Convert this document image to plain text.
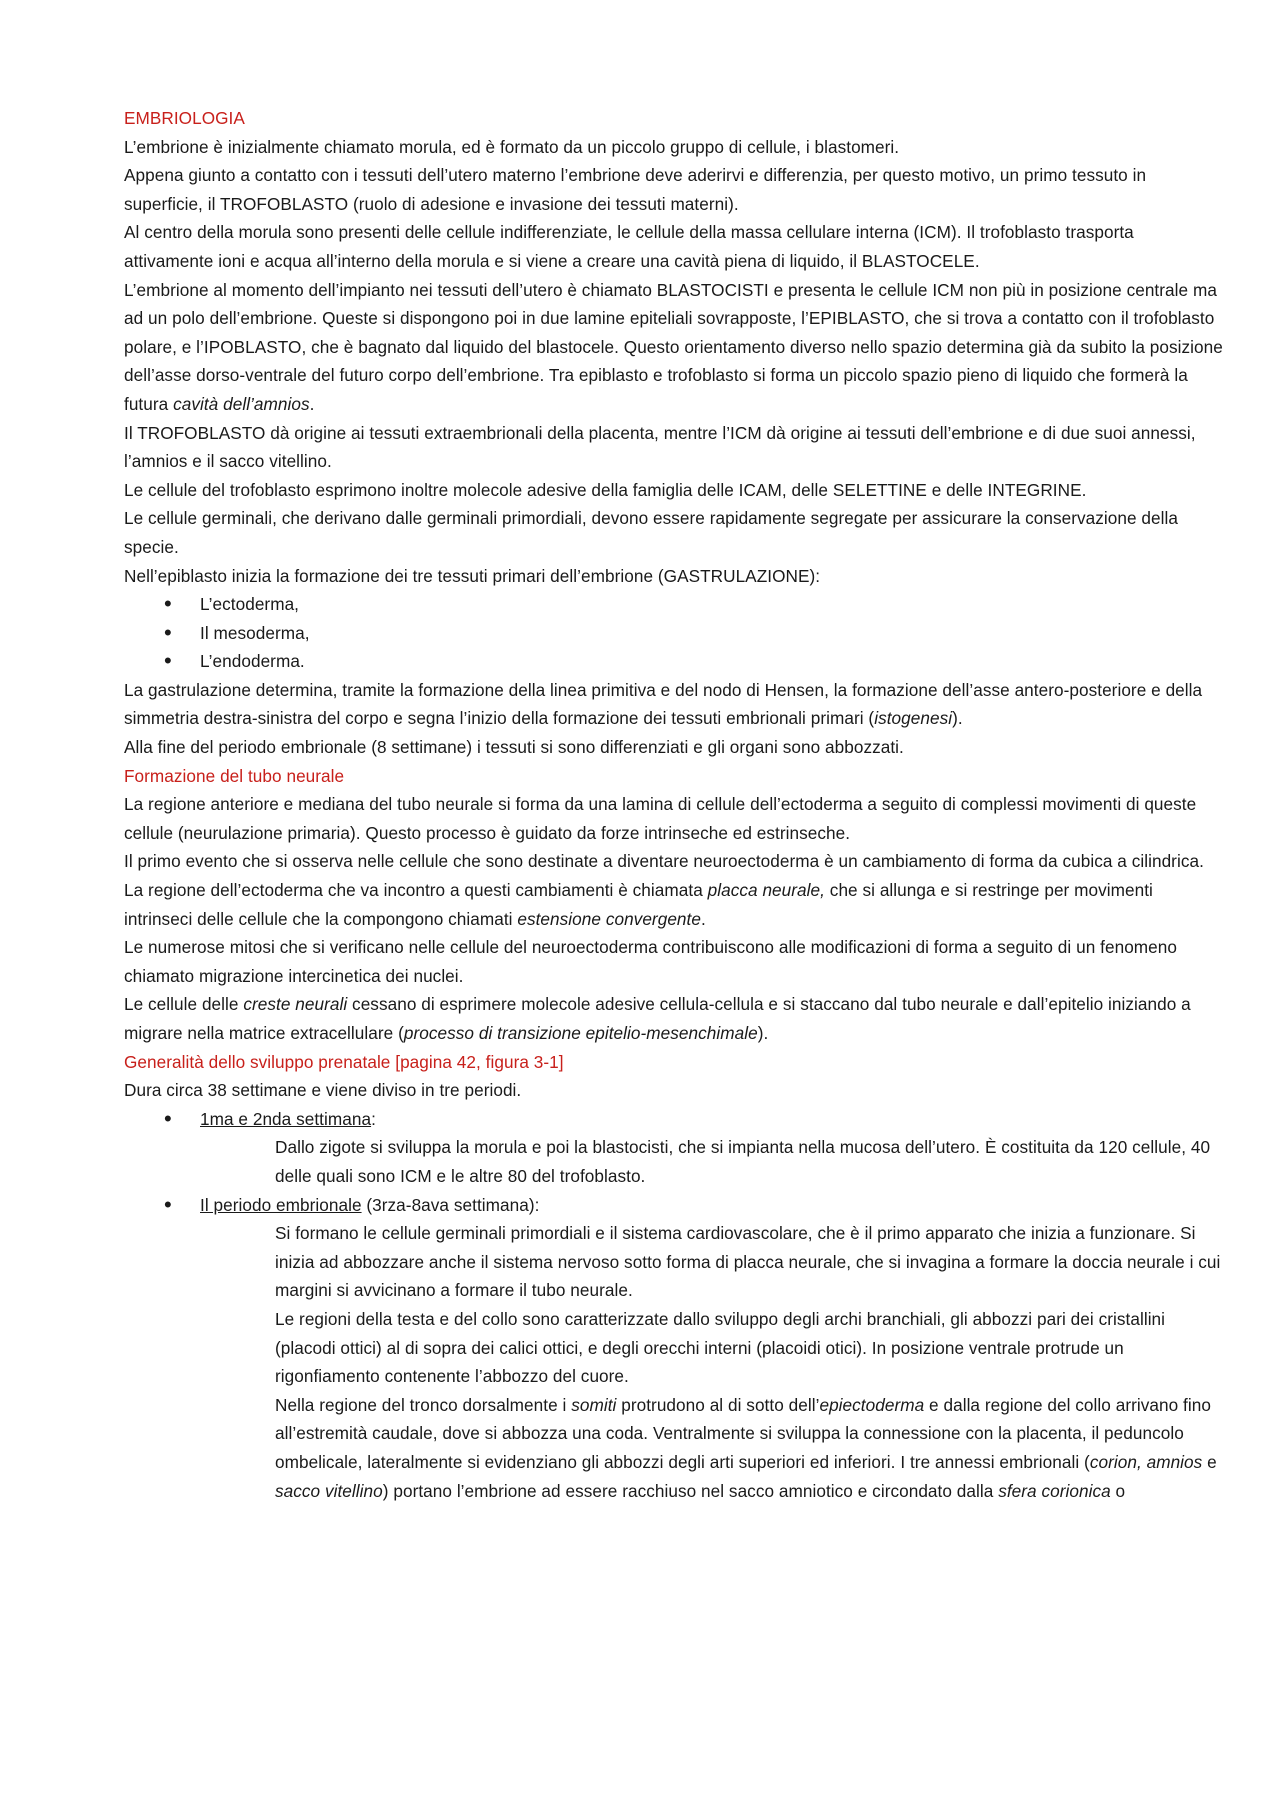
EMBRIOLOGIA

L’embrione è inizialmente chiamato morula, ed è formato da un piccolo gruppo di cellule, i blastomeri.

Appena giunto a contatto con i tessuti dell’utero materno l’embrione deve aderirvi e differenzia, per questo motivo, un primo tessuto in superficie, il TROFOBLASTO (ruolo di adesione e invasione dei tessuti materni).

Al centro della morula sono presenti delle cellule indifferenziate, le cellule della massa cellulare interna (ICM). Il trofoblasto trasporta attivamente ioni e acqua all’interno della morula e si viene a creare una cavità piena di liquido, il BLASTOCELE.

L’embrione al momento dell’impianto nei tessuti dell’utero è chiamato BLASTOCISTI e presenta le cellule ICM non più in posizione centrale ma ad un polo dell’embrione. Queste si dispongono poi in due lamine epiteliali sovrapposte, l’EPIBLASTO, che si trova a contatto con il trofoblasto polare, e l’IPOBLASTO, che è bagnato dal liquido del blastocele. Questo orientamento diverso nello spazio determina già da subito la posizione dell’asse dorso-ventrale del futuro corpo dell’embrione. Tra epiblasto e trofoblasto si forma un piccolo spazio pieno di liquido che formerà la futura cavità dell’amnios.

Il TROFOBLASTO dà origine ai tessuti extraembrionali della placenta, mentre l’ICM dà origine ai tessuti dell’embrione e di due suoi annessi, l’amnios e il sacco vitellino.

Le cellule del trofoblasto esprimono inoltre molecole adesive della famiglia delle ICAM, delle SELETTINE e delle INTEGRINE.

Le cellule germinali, che derivano dalle germinali primordiali, devono essere rapidamente segregate per assicurare la conservazione della specie.

Nell’epiblasto inizia la formazione dei tre tessuti primari dell’embrione (GASTRULAZIONE):

• L’ectoderma,
• Il mesoderma,
• L’endoderma.

La gastrulazione determina, tramite la formazione della linea primitiva e del nodo di Hensen, la formazione dell’asse antero-posteriore e della simmetria destra-sinistra del corpo e segna l’inizio della formazione dei tessuti embrionali primari (istogenesi).

Alla fine del periodo embrionale (8 settimane) i tessuti si sono differenziati e gli organi sono abbozzati.

Formazione del tubo neurale

La regione anteriore e mediana del tubo neurale si forma da una lamina di cellule dell’ectoderma a seguito di complessi movimenti di queste cellule (neurulazione primaria). Questo processo è guidato da forze intrinseche ed estrinseche.

Il primo evento che si osserva nelle cellule che sono destinate a diventare neuroectoderma è un cambiamento di forma da cubica a cilindrica. La regione dell’ectoderma che va incontro a questi cambiamenti è chiamata placca neurale, che si allunga e si restringe per movimenti intrinseci delle cellule che la compongono chiamati estensione convergente.

Le numerose mitosi che si verificano nelle cellule del neuroectoderma contribuiscono alle modificazioni di forma a seguito di un fenomeno chiamato migrazione intercinetica dei nuclei.

Le cellule delle creste neurali cessano di esprimere molecole adesive cellula-cellula e si staccano dal tubo neurale e dall’epitelio iniziando a migrare nella matrice extracellulare (processo di transizione epitelio-mesenchimale).

Generalità dello sviluppo prenatale [pagina 42, figura 3-1]

Dura circa 38 settimane e viene diviso in tre periodi.

• 1ma e 2nda settimana:

Dallo zigote si sviluppa la morula e poi la blastocisti, che si impianta nella mucosa dell’utero. È costituita da 120 cellule, 40 delle quali sono ICM e le altre 80 del trofoblasto.

• Il periodo embrionale (3rza-8ava settimana):

Si formano le cellule germinali primordiali e il sistema cardiovascolare, che è il primo apparato che inizia a funzionare. Si inizia ad abbozzare anche il sistema nervoso sotto forma di placca neurale, che si invagina a formare la doccia neurale i cui margini si avvicinano a formare il tubo neurale.

Le regioni della testa e del collo sono caratterizzate dallo sviluppo degli archi branchiali, gli abbozzi pari dei cristallini (placodi ottici) al di sopra dei calici ottici, e degli orecchi interni (placoidi otici). In posizione ventrale protrude un rigonfiamento contenente l’abbozzo del cuore.

Nella regione del tronco dorsalmente i somiti protrudono al di sotto dell’epiectoderma e dalla regione del collo arrivano fino all’estremità caudale, dove si abbozza una coda. Ventralmente si sviluppa la connessione con la placenta, il peduncolo ombelicale, lateralmente si evidenziano gli abbozzi degli arti superiori ed inferiori. I tre annessi embrionali (corion, amnios e sacco vitellino) portano l’embrione ad essere racchiuso nel sacco amniotico e circondato dalla sfera corionica o
